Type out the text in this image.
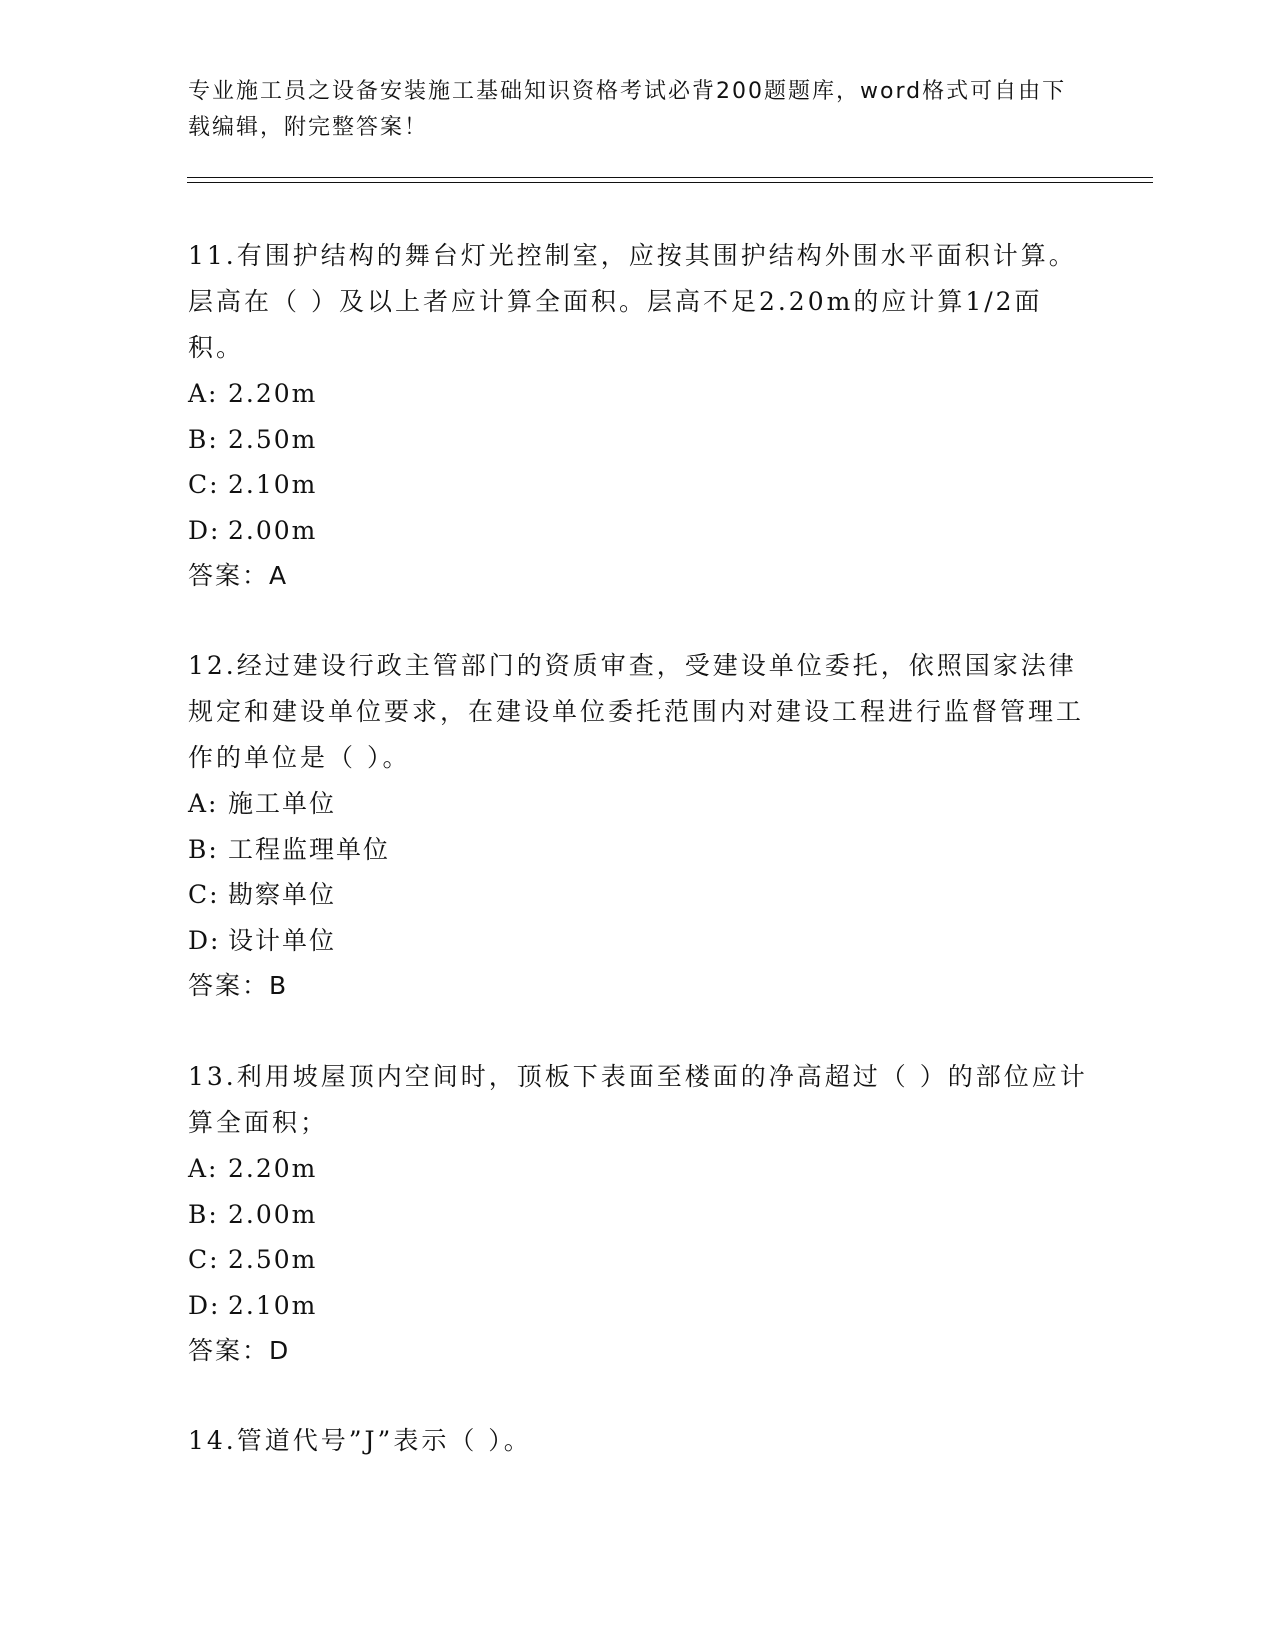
专业施工员之设备安装施工基础知识资格考试必背200题题库，word格式可自由下载编辑，附完整答案！

11.有围护结构的舞台灯光控制室，应按其围护结构外围水平面积计算。层高在（ ）及以上者应计算全面积。层高不足2.20m的应计算1/2面积。

A: 2.20m

B: 2.50m

C: 2.10m

D: 2.00m

答案：A

12.经过建设行政主管部门的资质审查，受建设单位委托，依照国家法律规定和建设单位要求，在建设单位委托范围内对建设工程进行监督管理工作的单位是（ ）。

A: 施工单位

B: 工程监理单位

C: 勘察单位

D: 设计单位

答案：B

13.利用坡屋顶内空间时，顶板下表面至楼面的净高超过（ ）的部位应计算全面积；

A: 2.20m

B: 2.00m

C: 2.50m

D: 2.10m

答案：D

14.管道代号”J”表示（ ）。
